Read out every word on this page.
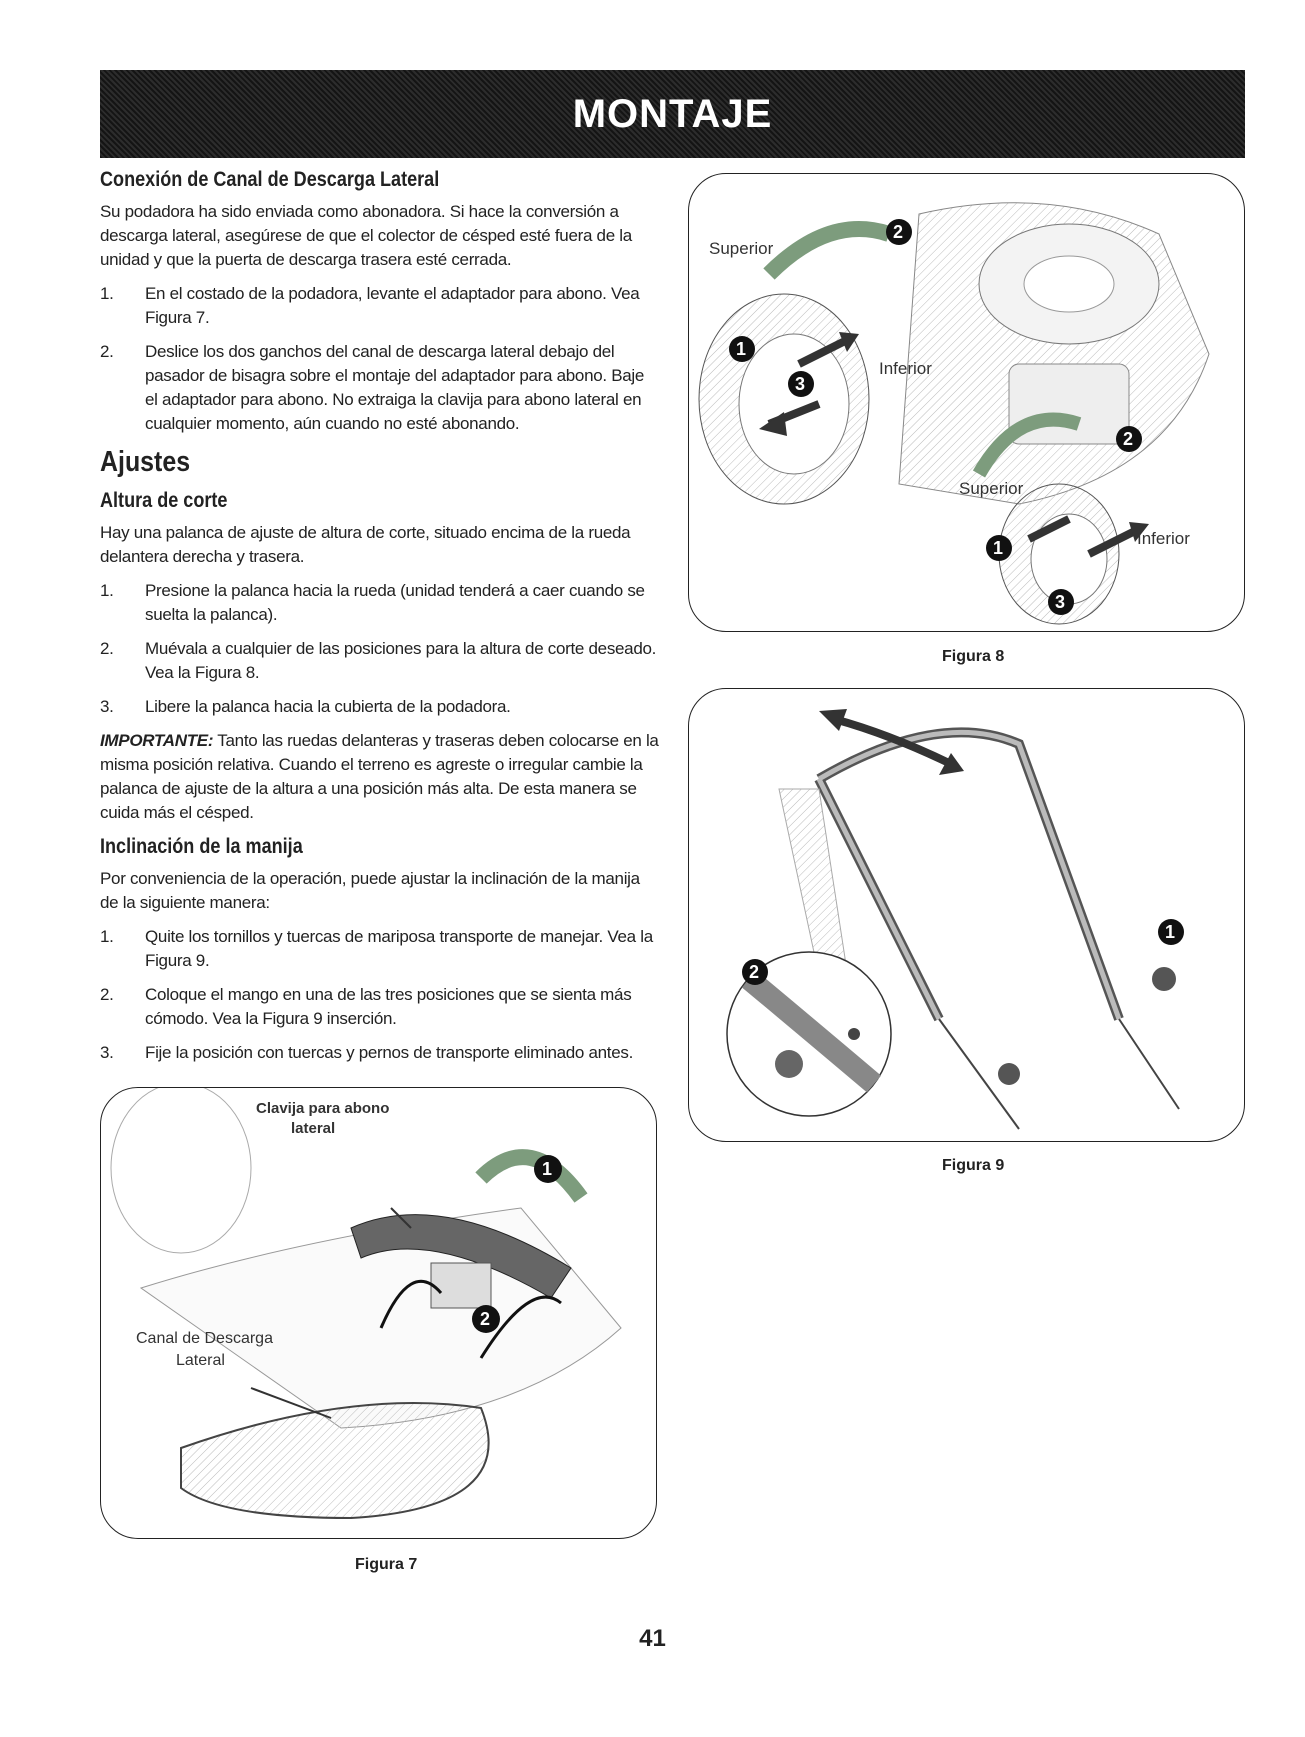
MONTAJE
Conexión de Canal de Descarga Lateral

Su podadora ha sido enviada como abonadora. Si hace la conversión a descarga lateral, asegúrese de que el colector de césped esté fuera de la unidad y que la puerta de descarga trasera esté cerrada.

1.	En el costado de la podadora, levante el adaptador para abono. Vea Figura 7.
2.	Deslice los dos ganchos del canal de descarga lateral debajo del pasador de bisagra sobre el montaje del adaptador para abono. Baje el adaptador para abono. No extraiga la clavija para abono lateral en cualquier momento, aún cuando no esté abonando.
Ajustes
Altura de corte

Hay una palanca de ajuste de altura de corte, situado encima de la rueda delantera derecha y trasera.

1.	Presione la palanca hacia la rueda (unidad tenderá a caer cuando se suelta la palanca).
2.	Muévala a cualquier de las posiciones para la altura de corte deseado. Vea la Figura 8.
3.	Libere la palanca hacia la cubierta de la podadora.

IMPORTANTE: Tanto las ruedas delanteras y traseras deben colocarse en la misma posición relativa. Cuando el terreno es agreste o irregular cambie la palanca de ajuste de la altura a una posición más alta. De esta manera se cuida más el césped.

Inclinación de la manija

Por conveniencia de la operación, puede ajustar la inclinación de la manija de la siguiente manera:

1.	Quite los tornillos y tuercas de mariposa transporte de manejar. Vea la Figura 9.
2.	Coloque el mango en una de las tres posiciones que se sienta más cómodo. Vea la Figura 9 inserción.
3.	Fije la posición con tuercas y pernos de transporte eliminado antes.
Superior
Inferior
Superior
Inferior
2
1
3
2
1
3
Figura 8
1
2
Figura 9
Clavija para abono
lateral
Canal de Descarga
Lateral
1
2
Figura 7
41
